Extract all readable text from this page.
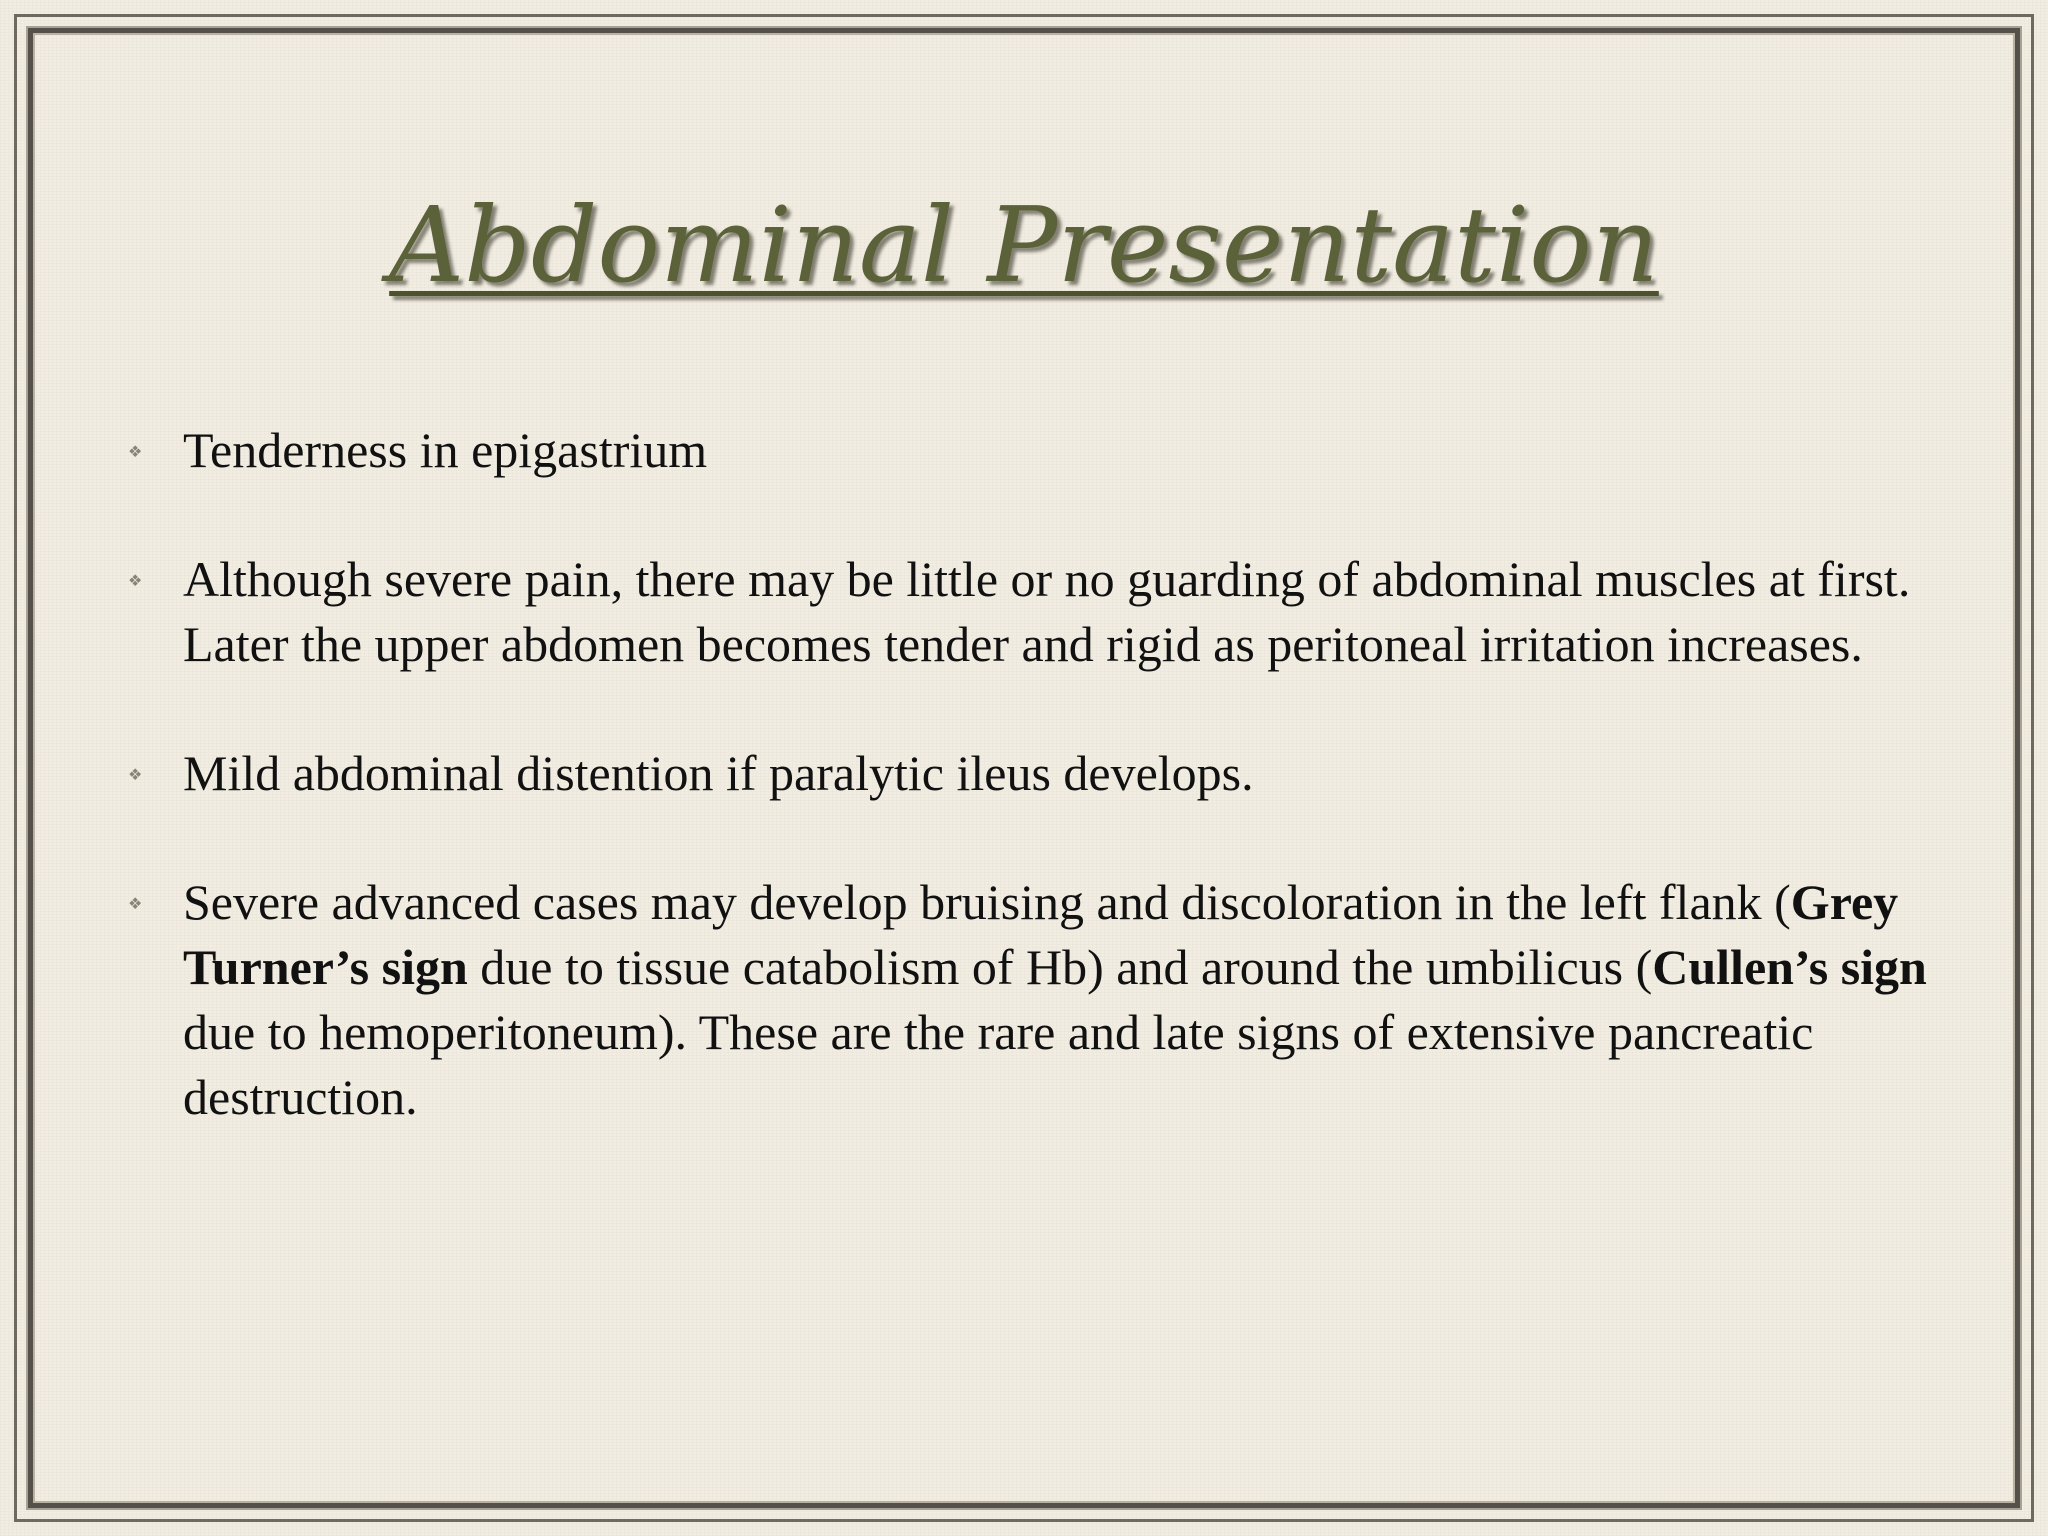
Abdominal Presentation
❖ Tenderness in epigastrium
❖ Although severe pain, there may be little or no guarding of abdominal muscles at first. Later the upper abdomen becomes tender and rigid as peritoneal irritation increases.
❖ Mild abdominal distention if paralytic ileus develops.
❖ Severe advanced cases may develop bruising and discoloration in the left flank (Grey Turner’s sign due to tissue catabolism of Hb) and around the umbilicus (Cullen’s sign due to hemoperitoneum). These are the rare and late signs of extensive pancreatic destruction.
